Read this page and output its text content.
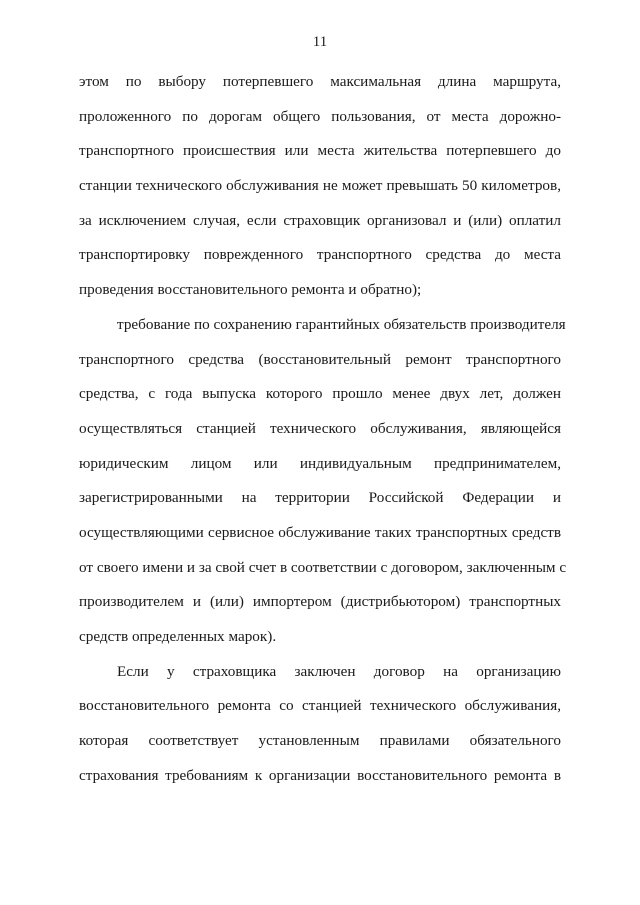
11
этом по выбору потерпевшего максимальная длина маршрута,
проложенного по дорогам общего пользования, от места дорожно-
транспортного происшествия или места жительства потерпевшего до
станции технического обслуживания не может превышать 50 километров,
за исключением случая, если страховщик организовал и (или) оплатил
транспортировку поврежденного транспортного средства до места
проведения восстановительного ремонта и обратно);
требование по сохранению гарантийных обязательств производителя
транспортного средства (восстановительный ремонт транспортного
средства, с года выпуска которого прошло менее двух лет, должен
осуществляться станцией технического обслуживания, являющейся
юридическим лицом или индивидуальным предпринимателем,
зарегистрированными на территории Российской Федерации и
осуществляющими сервисное обслуживание таких транспортных средств
от своего имени и за свой счет в соответствии с договором, заключенным с
производителем и (или) импортером (дистрибьютором) транспортных
средств определенных марок).
Если у страховщика заключен договор на организацию
восстановительного ремонта со станцией технического обслуживания,
которая соответствует установленным правилами обязательного
страхования требованиям к организации восстановительного ремонта в
